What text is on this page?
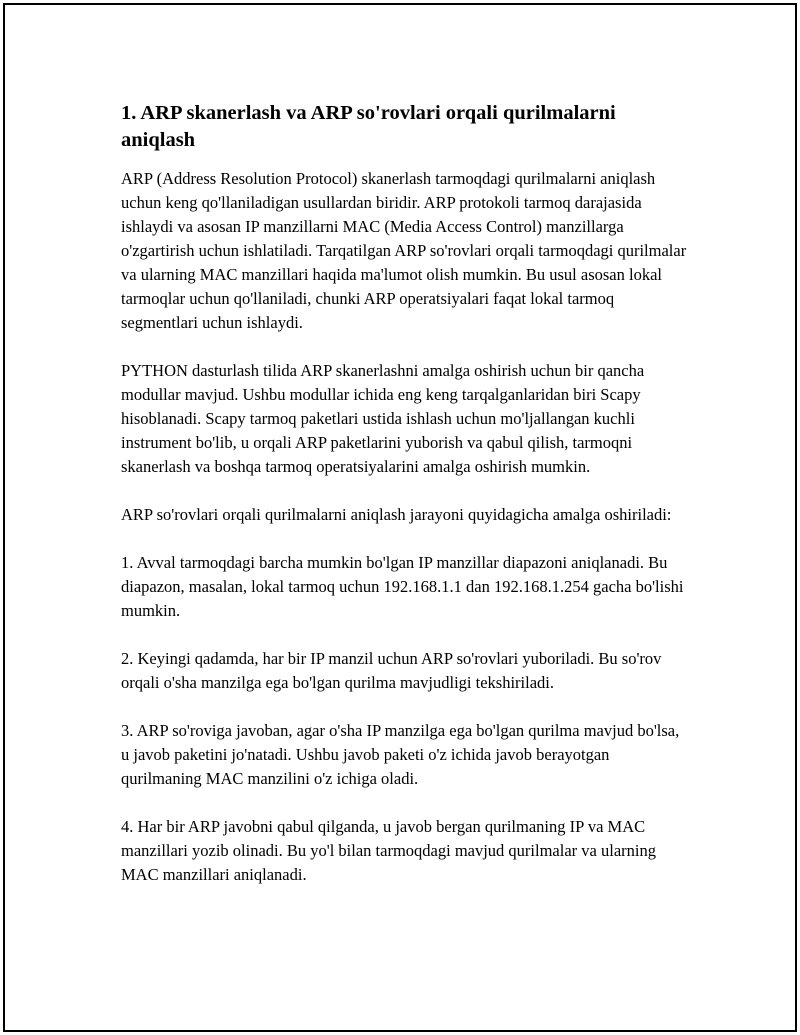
1. ARP skanerlash va ARP so'rovlari orqali qurilmalarni aniqlash

ARP (Address Resolution Protocol) skanerlash tarmoqdagi qurilmalarni aniqlash uchun keng qo'llaniladigan usullardan biridir. ARP protokoli tarmoq darajasida ishlaydi va asosan IP manzillarni MAC (Media Access Control) manzillarga o'zgartirish uchun ishlatiladi. Tarqatilgan ARP so'rovlari orqali tarmoqdagi qurilmalar va ularning MAC manzillari haqida ma'lumot olish mumkin. Bu usul asosan lokal tarmoqlar uchun qo'llaniladi, chunki ARP operatsiyalari faqat lokal tarmoq segmentlari uchun ishlaydi.

PYTHON dasturlash tilida ARP skanerlashni amalga oshirish uchun bir qancha modullar mavjud. Ushbu modullar ichida eng keng tarqalganlaridan biri Scapy hisoblanadi. Scapy tarmoq paketlari ustida ishlash uchun mo'ljallangan kuchli instrument bo'lib, u orqali ARP paketlarini yuborish va qabul qilish, tarmoqni skanerlash va boshqa tarmoq operatsiyalarini amalga oshirish mumkin.

ARP so'rovlari orqali qurilmalarni aniqlash jarayoni quyidagicha amalga oshiriladi:

1. Avval tarmoqdagi barcha mumkin bo'lgan IP manzillar diapazoni aniqlanadi. Bu diapazon, masalan, lokal tarmoq uchun 192.168.1.1 dan 192.168.1.254 gacha bo'lishi mumkin.

2. Keyingi qadamda, har bir IP manzil uchun ARP so'rovlari yuboriladi. Bu so'rov orqali o'sha manzilga ega bo'lgan qurilma mavjudligi tekshiriladi.

3. ARP so'roviga javoban, agar o'sha IP manzilga ega bo'lgan qurilma mavjud bo'lsa, u javob paketini jo'natadi. Ushbu javob paketi o'z ichida javob berayotgan qurilmaning MAC manzilini o'z ichiga oladi.

4. Har bir ARP javobni qabul qilganda, u javob bergan qurilmaning IP va MAC manzillari yozib olinadi. Bu yo'l bilan tarmoqdagi mavjud qurilmalar va ularning MAC manzillari aniqlanadi.
